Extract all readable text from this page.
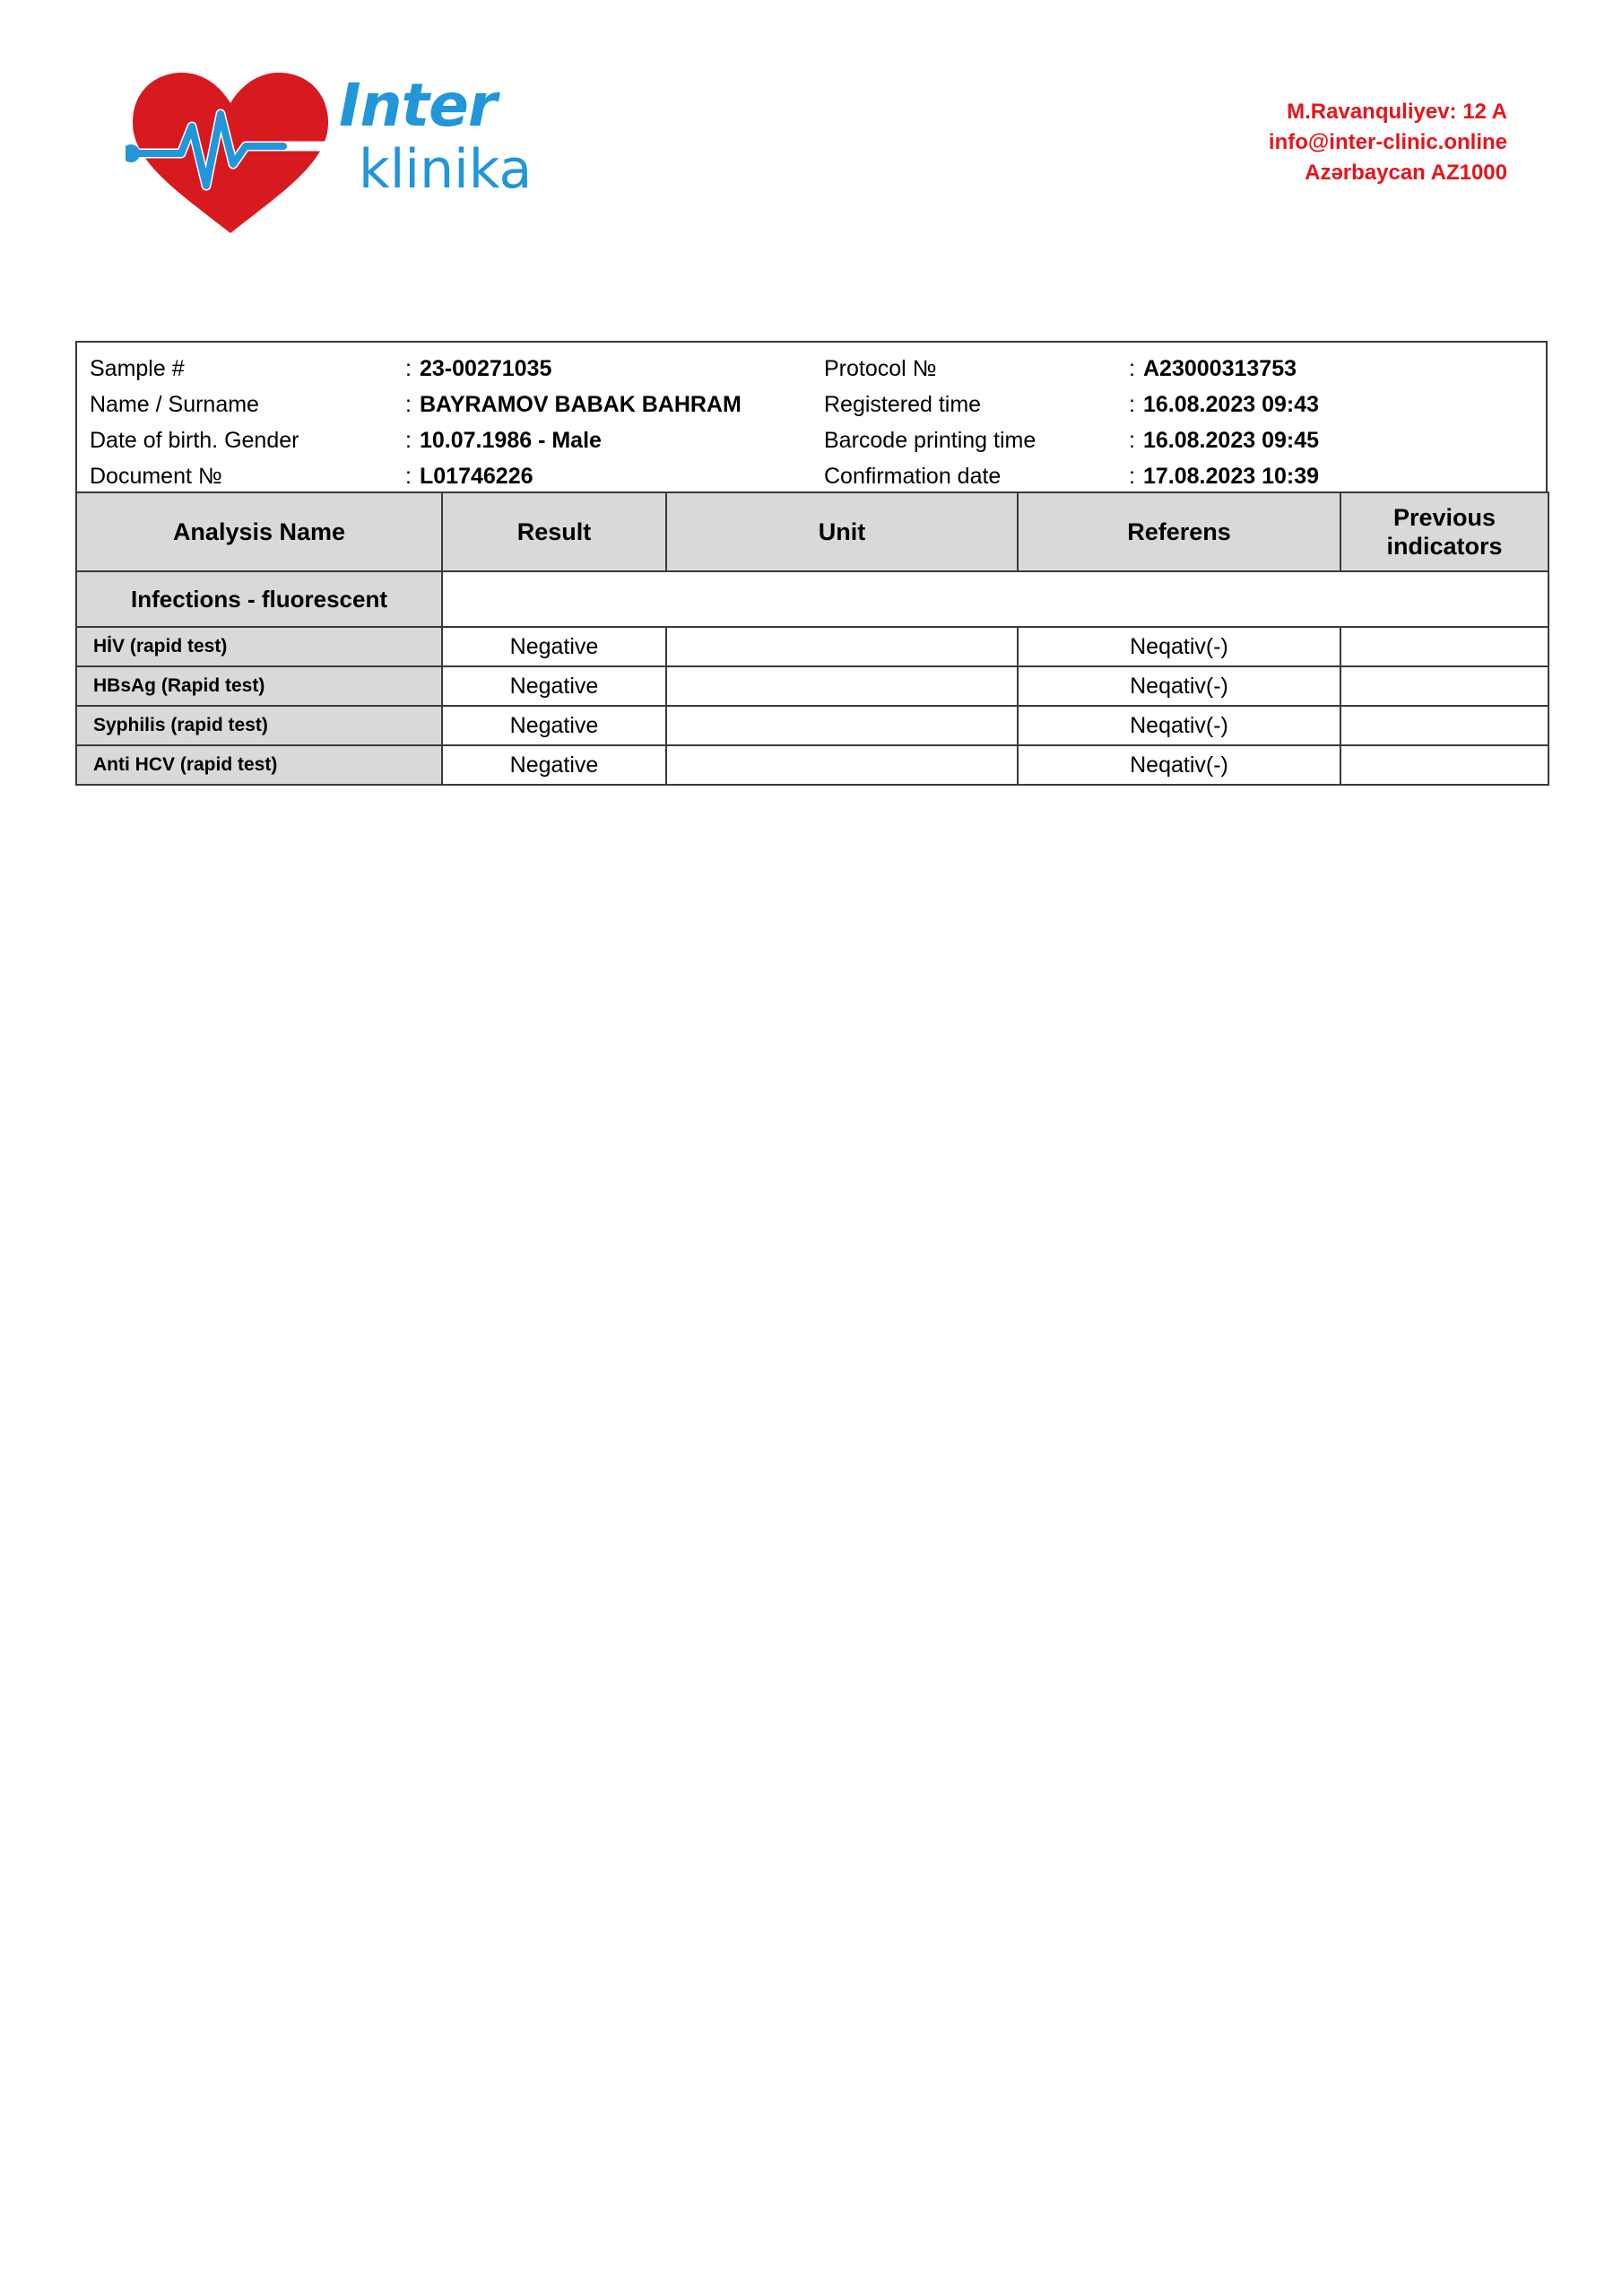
Inter
klinika
M.Ravanquliyev: 12 A
info@inter-clinic.online
Azərbaycan AZ1000
Sample #	: 23-00271035
Name / Surname	: BAYRAMOV BABAK BAHRAM
Date of birth. Gender	: 10.07.1986 - Male
Document №	: L01746226
Protocol №	: A23000313753
Registered time	: 16.08.2023 09:43
Barcode printing time	: 16.08.2023 09:45
Confirmation date	: 17.08.2023 10:39
Analysis Name	Result	Unit	Referens	Previous indicators
Infections - fluorescent				
HİV (rapid test)	Negative		Neqativ(-)	
HBsAg (Rapid test)	Negative		Neqativ(-)	
Syphilis (rapid test)	Negative		Neqativ(-)	
Anti HCV (rapid test)	Negative		Neqativ(-)	
